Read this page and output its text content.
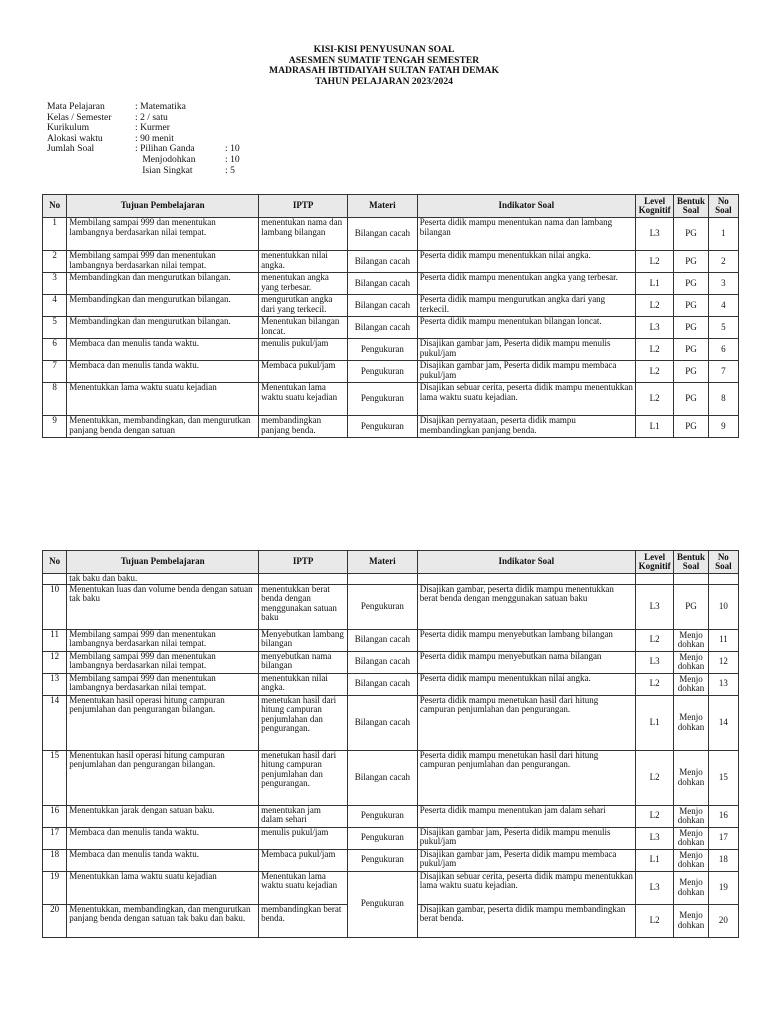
KISI-KISI PENYUSUNAN SOAL
ASESMEN SUMATIF TENGAH SEMESTER
MADRASAH IBTIDAIYAH SULTAN FATAH DEMAK
TAHUN PELAJARAN 2023/2024
Mata Pelajaran	: Matematika
Kelas / Semester	: 2 / satu
Kurikulum	: Kurmer
Alokasi waktu	: 90 menit
Jumlah Soal	: Pilihan Ganda	: 10
Menjodohkan	: 10
Isian Singkat	: 5
No	Tujuan Pembelajaran	IPTP	Materi	Indikator Soal	Level Kognitif	Bentuk Soal	No Soal
1	Membilang sampai 999 dan menentukan lambangnya berdasarkan nilai tempat.	menentukan nama dan lambang bilangan	Bilangan cacah	Peserta didik mampu menentukan nama dan lambang bilangan	L3	PG	1
2	Membilang sampai 999 dan menentukan lambangnya berdasarkan nilai tempat.	menentukkan nilai angka.	Bilangan cacah	Peserta didik mampu menentukkan nilai angka.	L2	PG	2
3	Membandingkan dan mengurutkan bilangan.	menentukan angka yang terbesar.	Bilangan cacah	Peserta didik mampu menentukan angka yang terbesar.	L1	PG	3
4	Membandingkan dan mengurutkan bilangan.	mengurutkan angka dari yang terkecil.	Bilangan cacah	Peserta didik mampu mengurutkan angka dari yang terkecil.	L2	PG	4
5	Membandingkan dan mengurutkan bilangan.	Menentukan bilangan loncat.	Bilangan cacah	Peserta didik mampu menentukan bilangan loncat.	L3	PG	5
6	Membaca dan menulis tanda waktu.	menulis pukul/jam	Pengukuran	Disajikan gambar jam, Peserta didik mampu menulis pukul/jam	L2	PG	6
7	Membaca dan menulis tanda waktu.	Membaca pukul/jam	Pengukuran	Disajikan gambar jam, Peserta didik mampu membaca pukul/jam	L2	PG	7
8	Menentukkan lama waktu suatu kejadian	Menentukan lama waktu suatu kejadian	Pengukuran	Disajikan sebuar cerita, peserta didik mampu menentukkan lama waktu suatu kejadian.	L2	PG	8
9	Menentukkan, membandingkan, dan mengurutkan panjang benda dengan satuan	membandingkan panjang benda.	Pengukuran	Disajikan pernyataan, peserta didik mampu membandingkan panjang benda.	L1	PG	9
No	Tujuan Pembelajaran	IPTP	Materi	Indikator Soal	Level Kognitif	Bentuk Soal	No Soal
	tak baku dan baku.						
10	Menentukan luas dan volume benda dengan satuan tak baku	menentukkan berat benda dengan menggunakan satuan baku	Pengukuran	Disajikan gambar, peserta didik mampu menentukkan berat benda dengan menggunakan satuan baku	L3	PG	10
11	Membilang sampai 999 dan menentukan lambangnya berdasarkan nilai tempat.	Menyebutkan lambang bilangan	Bilangan cacah	Peserta didik mampu menyebutkan lambang bilangan	L2	Menjo dohkan	11
12	Membilang sampai 999 dan menentukan lambangnya berdasarkan nilai tempat.	menyebutkan nama bilangan	Bilangan cacah	Peserta didik mampu menyebutkan nama bilangan	L3	Menjo dohkan	12
13	Membilang sampai 999 dan menentukan lambangnya berdasarkan nilai tempat.	menentukkan nilai angka.	Bilangan cacah	Peserta didik mampu menentukkan nilai angka.	L2	Menjo dohkan	13
14	Menentukan hasil operasi hitung campuran penjumlahan dan pengurangan bilangan.	menetukan hasil dari hitung campuran penjumlahan dan pengurangan.	Bilangan cacah	Peserta didik mampu menetukan hasil dari hitung campuran penjumlahan dan pengurangan.	L1	Menjo dohkan	14
15	Menentukan hasil operasi hitung campuran penjumlahan dan pengurangan bilangan.	menetukan hasil dari hitung campuran penjumlahan dan pengurangan.	Bilangan cacah	Peserta didik mampu menetukan hasil dari hitung campuran penjumlahan dan pengurangan.	L2	Menjo dohkan	15
16	Menentukkan jarak dengan satuan baku.	menentukan jam dalam sehari	Pengukuran	Peserta didik mampu menentukan jam dalam sehari	L2	Menjo dohkan	16
17	Membaca dan menulis tanda waktu.	menulis pukul/jam	Pengukuran	Disajikan gambar jam, Peserta didik mampu menulis pukul/jam	L3	Menjo dohkan	17
18	Membaca dan menulis tanda waktu.	Membaca pukul/jam	Pengukuran	Disajikan gambar jam, Peserta didik mampu membaca pukul/jam	L1	Menjo dohkan	18
19	Menentukkan lama waktu suatu kejadian	Menentukan lama waktu suatu kejadian	Pengukuran	Disajikan sebuar cerita, peserta didik mampu menentukkan lama waktu suatu kejadian.	L3	Menjo dohkan	19
20	Menentukkan, membandingkan, dan mengurutkan panjang benda dengan satuan tak baku dan baku.	membandingkan berat benda.		Disajikan gambar, peserta didik mampu membandingkan berat benda.	L2	Menjo dohkan	20
